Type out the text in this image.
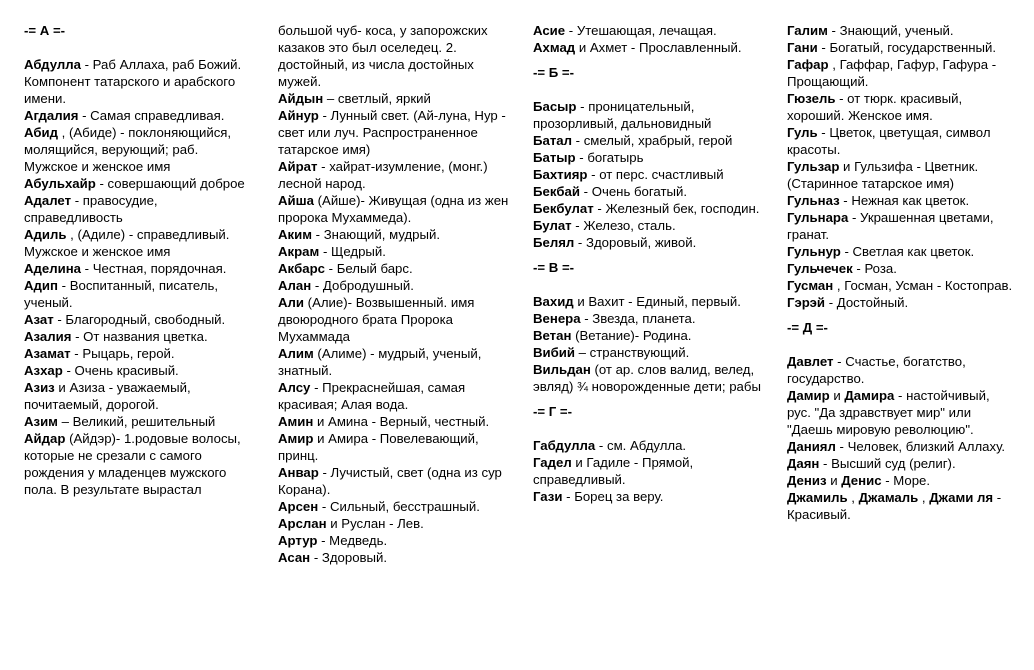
-= А =-
Абдулла - Раб Аллаха, раб Божий. Компонент татарского и арабского имени.
Агдалия - Самая справедливая.
Абид , (Абиде) - поклоняющийся, молящийся, верующий; раб. Мужское и женское имя
Абульхайр - совершающий доброе
Адалет - правосудие, справедливость
Адиль , (Адиле) - справедливый. Мужское и женское имя
Аделина - Честная, порядочная.
Адип - Воспитанный, писатель, ученый.
Азат - Благородный, свободный.
Азалия - От названия цветка.
Азамат - Рыцарь, герой.
Азхар - Очень красивый.
Азиз и Азиза - уважаемый, почитаемый, дорогой.
Азим – Великий, решительный
Айдар (Айдэр)- 1.родовые волосы, которые не срезали с самого рождения у младенцев мужского пола. В результате вырастал
большой чуб- коса, у запорожских казаков это был оселедец. 2. достойный, из числа достойных мужей.
Айдын – светлый, яркий
Айнур - Лунный свет. (Ай-луна, Нур - свет или луч. Распространенное татарское имя)
Айрат - хайрат-изумление, (монг.) лесной народ.
Айша (Айше)- Живущая (одна из жен пророка Мухаммеда).
Аким - Знающий, мудрый.
Акрам - Щедрый.
Акбарс - Белый барс.
Алан - Добродушный.
Али (Алие)- Возвышенный. имя двоюродного брата Пророка Мухаммада
Алим (Алиме) - мудрый, ученый, знатный.
Алсу - Прекраснейшая, самая красивая; Алая вода.
Амин и Амина - Верный, честный.
Амир и Амира - Повелевающий, принц.
Анвар - Лучистый, свет (одна из сур Корана).
Арсен - Сильный, бесстрашный.
Арслан и Руслан - Лев.
Артур - Медведь.
Асан - Здоровый.
Асие - Утешающая, лечащая.
Ахмад и Ахмет - Прославленный.
-= Б =-
Басыр - проницательный, прозорливый, дальновидный
Батал - смелый, храбрый, герой
Батыр - богатырь
Бахтияр - от перс. счастливый
Бекбай - Очень богатый.
Бекбулат - Железный бек, господин.
Булат - Железо, сталь.
Белял - Здоровый, живой.
-= В =-
Вахид и Вахит - Единый, первый.
Венера - Звезда, планета.
Ветан (Ветание)- Родина.
Вибий – странствующий.
Вильдан (от ар. слов валид, велед, эвляд) ¾ новорожденные дети; рабы
-= Г =-
Габдулла - см. Абдулла.
Гадел и Гадиле - Прямой, справедливый.
Гази - Борец за веру.
Галим - Знающий, ученый.
Гани - Богатый, государственный.
Гафар , Гаффар, Гафур, Гафура - Прощающий.
Гюзель - от тюрк. красивый, хороший. Женское имя.
Гуль - Цветок, цветущая, символ красоты.
Гульзар и Гульзифа - Цветник. (Старинное татарское имя)
Гульназ - Нежная как цветок.
Гульнара - Украшенная цветами, гранат.
Гульнур - Светлая как цветок.
Гульчечек - Роза.
Гусман , Госман, Усман - Костоправ.
Гэрэй - Достойный.
-= Д =-
Давлет - Счастье, богатство, государство.
Дамир и Дамира - настойчивый, рус. "Да здравствует мир" или "Даешь мировую революцию".
Даниял - Человек, близкий Аллаху.
Даян - Высший суд (религ).
Дениз и Денис - Море.
Джамиль , Джамаль , Джами ля - Красивый.
